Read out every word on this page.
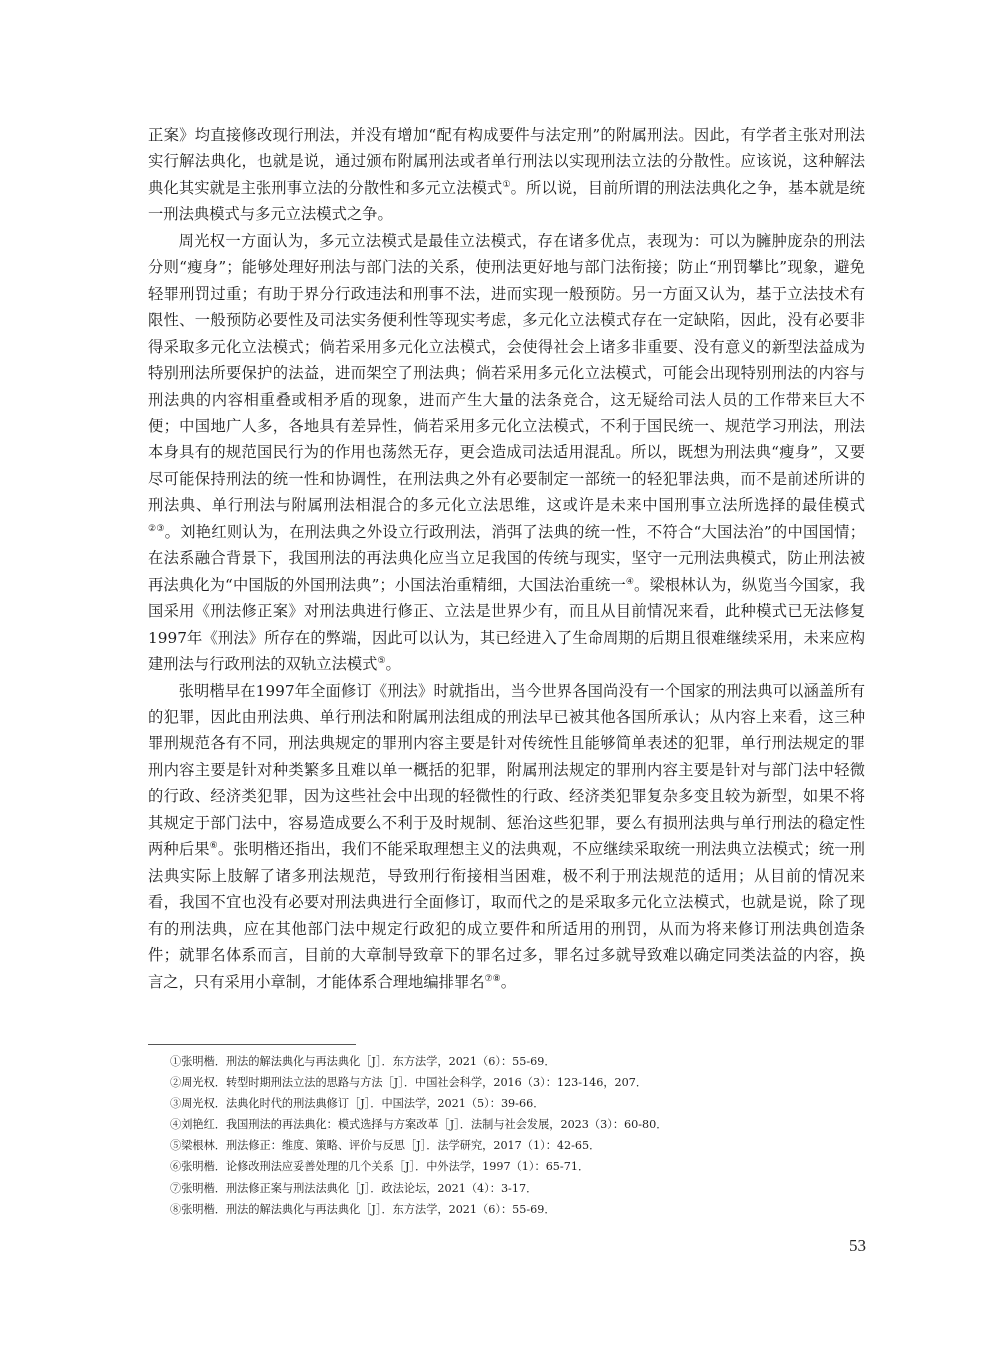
正案》均直接修改现行刑法，并没有增加“配有构成要件与法定刑”的附属刑法。因此，有学者主张对刑法实行解法典化，也就是说，通过颁布附属刑法或者单行刑法以实现刑法立法的分散性。应该说，这种解法典化其实就是主张刑事立法的分散性和多元立法模式①。所以说，目前所谓的刑法法典化之争，基本就是统一刑法典模式与多元立法模式之争。

周光权一方面认为，多元立法模式是最佳立法模式，存在诸多优点，表现为：可以为臃肿庞杂的刑法分则“瘦身”；能够处理好刑法与部门法的关系，使刑法更好地与部门法衔接；防止“刑罚攀比”现象，避免轻罪刑罚过重；有助于界分行政违法和刑事不法，进而实现一般预防。另一方面又认为，基于立法技术有限性、一般预防必要性及司法实务便利性等现实考虑，多元化立法模式存在一定缺陷，因此，没有必要非得采取多元化立法模式；倘若采用多元化立法模式，会使得社会上诸多非重要、没有意义的新型法益成为特别刑法所要保护的法益，进而架空了刑法典；倘若采用多元化立法模式，可能会出现特别刑法的内容与刑法典的内容相重叠或相矛盾的现象，进而产生大量的法条竞合，这无疑给司法人员的工作带来巨大不便；中国地广人多，各地具有差异性，倘若采用多元化立法模式，不利于国民统一、规范学习刑法，刑法本身具有的规范国民行为的作用也荡然无存，更会造成司法适用混乱。所以，既想为刑法典“瘦身”，又要尽可能保持刑法的统一性和协调性，在刑法典之外有必要制定一部统一的轻犯罪法典，而不是前述所讲的刑法典、单行刑法与附属刑法相混合的多元化立法思维，这或许是未来中国刑事立法所选择的最佳模式②③。刘艳红则认为，在刑法典之外设立行政刑法，消弭了法典的统一性，不符合“大国法治”的中国国情；在法系融合背景下，我国刑法的再法典化应当立足我国的传统与现实，坚守一元刑法典模式，防止刑法被再法典化为“中国版的外国刑法典”；小国法治重精细，大国法治重统一④。梁根林认为，纵览当今国家，我国采用《刑法修正案》对刑法典进行修正、立法是世界少有，而且从目前情况来看，此种模式已无法修复1997年《刑法》所存在的弊端，因此可以认为，其已经进入了生命周期的后期且很难继续采用，未来应构建刑法与行政刑法的双轨立法模式⑤。

张明楷早在1997年全面修订《刑法》时就指出，当今世界各国尚没有一个国家的刑法典可以涵盖所有的犯罪，因此由刑法典、单行刑法和附属刑法组成的刑法早已被其他各国所承认；从内容上来看，这三种罪刑规范各有不同，刑法典规定的罪刑内容主要是针对传统性且能够简单表述的犯罪，单行刑法规定的罪刑内容主要是针对种类繁多且难以单一概括的犯罪，附属刑法规定的罪刑内容主要是针对与部门法中轻微的行政、经济类犯罪，因为这些社会中出现的轻微性的行政、经济类犯罪复杂多变且较为新型，如果不将其规定于部门法中，容易造成要么不利于及时规制、惩治这些犯罪，要么有损刑法典与单行刑法的稳定性两种后果⑥。张明楷还指出，我们不能采取理想主义的法典观，不应继续采取统一刑法典立法模式；统一刑法典实际上肢解了诸多刑法规范，导致刑行衔接相当困难，极不利于刑法规范的适用；从目前的情况来看，我国不宜也没有必要对刑法典进行全面修订，取而代之的是采取多元化立法模式，也就是说，除了现有的刑法典，应在其他部门法中规定行政犯的成立要件和所适用的刑罚，从而为将来修订刑法典创造条件；就罪名体系而言，目前的大章制导致章下的罪名过多，罪名过多就导致难以确定同类法益的内容，换言之，只有采用小章制，才能体系合理地编排罪名⑦⑧。

①张明楷．刑法的解法典化与再法典化［J］．东方法学，2021（6）：55-69．
②周光权．转型时期刑法立法的思路与方法［J］．中国社会科学，2016（3）：123-146，207．
③周光权．法典化时代的刑法典修订［J］．中国法学，2021（5）：39-66．
④刘艳红．我国刑法的再法典化：模式选择与方案改革［J］．法制与社会发展，2023（3）：60-80．
⑤梁根林．刑法修正：维度、策略、评价与反思［J］．法学研究，2017（1）：42-65．
⑥张明楷．论修改刑法应妥善处理的几个关系［J］．中外法学，1997（1）：65-71．
⑦张明楷．刑法修正案与刑法法典化［J］．政法论坛，2021（4）：3-17．
⑧张明楷．刑法的解法典化与再法典化［J］．东方法学，2021（6）：55-69．
53
